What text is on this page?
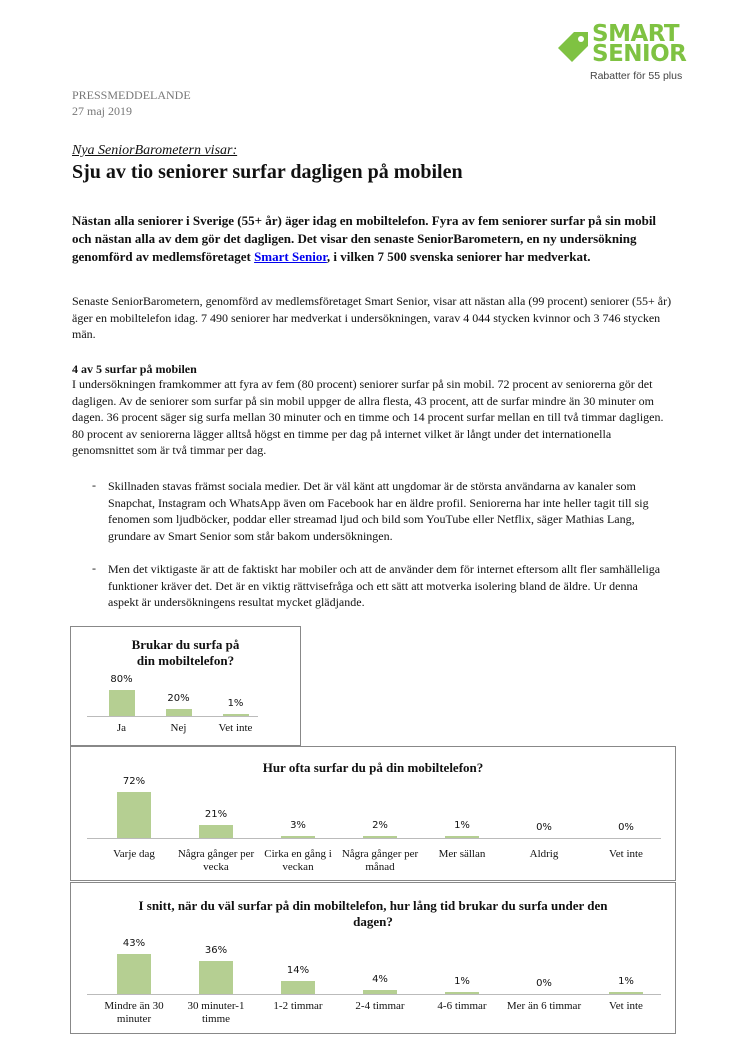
SMART
SENIOR
Rabatter för 55 plus
PRESSMEDDELANDE
27 maj 2019
Nya SeniorBarometern visar:
Sju av tio seniorer surfar dagligen på mobilen
Nästan alla seniorer i Sverige (55+ år) äger idag en mobiltelefon. Fyra av fem seniorer surfar på sin mobil och nästan alla av dem gör det dagligen. Det visar den senaste SeniorBarometern, en ny undersökning genomförd av medlemsföretaget Smart Senior, i vilken 7 500 svenska seniorer har medverkat.
Senaste SeniorBarometern, genomförd av medlemsföretaget Smart Senior, visar att nästan alla (99 procent) seniorer (55+ år) äger en mobiltelefon idag. 7 490 seniorer har medverkat i undersökningen, varav 4 044 stycken kvinnor och 3 746 stycken män.
4 av 5 surfar på mobilen
I undersökningen framkommer att fyra av fem (80 procent) seniorer surfar på sin mobil. 72 procent av seniorerna gör det dagligen. Av de seniorer som surfar på sin mobil uppger de allra flesta, 43 procent, att de surfar mindre än 30 minuter om dagen. 36 procent säger sig surfa mellan 30 minuter och en timme och 14 procent surfar mellan en till två timmar dagligen. 80 procent av seniorerna lägger alltså högst en timme per dag på internet vilket är långt under det internationella genomsnittet som är två timmar per dag.
- Skillnaden stavas främst sociala medier. Det är väl känt att ungdomar är de största användarna av kanaler som Snapchat, Instagram och WhatsApp även om Facebook har en äldre profil. Seniorerna har inte heller tagit till sig fenomen som ljudböcker, poddar eller streamad ljud och bild som YouTube eller Netflix, säger Mathias Lang, grundare av Smart Senior som står bakom undersökningen.
- Men det viktigaste är att de faktiskt har mobiler och att de använder dem för internet eftersom allt fler samhälleliga funktioner kräver det. Det är en viktig rättvisefråga och ett sätt att motverka isolering bland de äldre. Ur denna aspekt är undersökningens resultat mycket glädjande.
Brukar du surfa på din mobiltelefon?
80%
Ja
20%
Nej
1%
Vet inte
Hur ofta surfar du på din mobiltelefon?
72%
Varje dag
21%
Några gånger per vecka
3%
Cirka en gång i veckan
2%
Några gånger per månad
1%
Mer sällan
0%
Aldrig
0%
Vet inte
I snitt, när du väl surfar på din mobiltelefon, hur lång tid brukar du surfa under den dagen?
43%
Mindre än 30 minuter
36%
30 minuter-1 timme
14%
1-2 timmar
4%
2-4 timmar
1%
4-6 timmar
0%
Mer än 6 timmar
1%
Vet inte
